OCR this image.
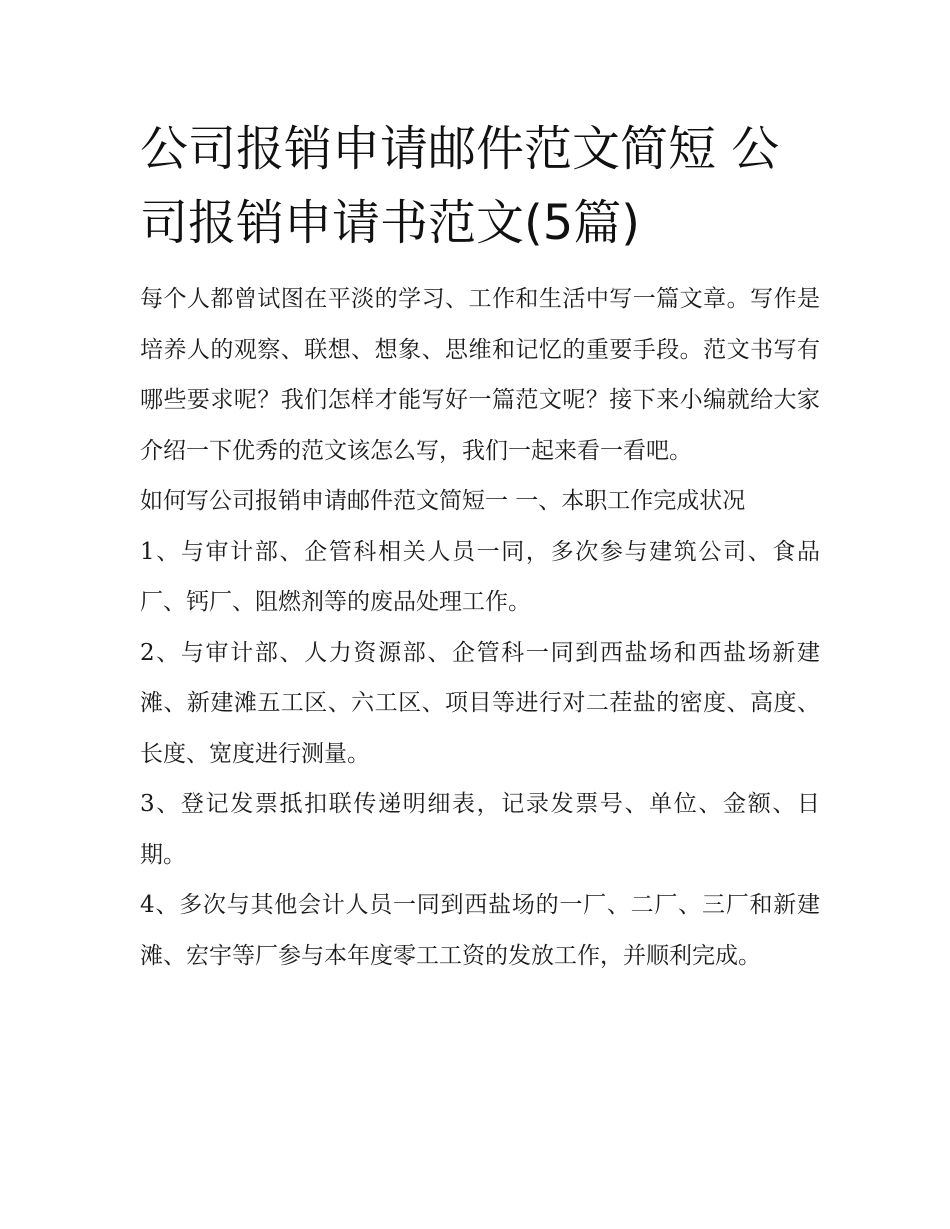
公司报销申请邮件范文简短 公司报销申请书范文(5篇)

每个人都曾试图在平淡的学习、工作和生活中写一篇文章。写作是培养人的观察、联想、想象、思维和记忆的重要手段。范文书写有哪些要求呢？我们怎样才能写好一篇范文呢？接下来小编就给大家介绍一下优秀的范文该怎么写，我们一起来看一看吧。

如何写公司报销申请邮件范文简短一 一、本职工作完成状况

1、与审计部、企管科相关人员一同，多次参与建筑公司、食品厂、钙厂、阻燃剂等的废品处理工作。

2、与审计部、人力资源部、企管科一同到西盐场和西盐场新建滩、新建滩五工区、六工区、项目等进行对二茬盐的密度、高度、长度、宽度进行测量。

3、登记发票抵扣联传递明细表，记录发票号、单位、金额、日期。

4、多次与其他会计人员一同到西盐场的一厂、二厂、三厂和新建滩、宏宇等厂参与本年度零工工资的发放工作，并顺利完成。
